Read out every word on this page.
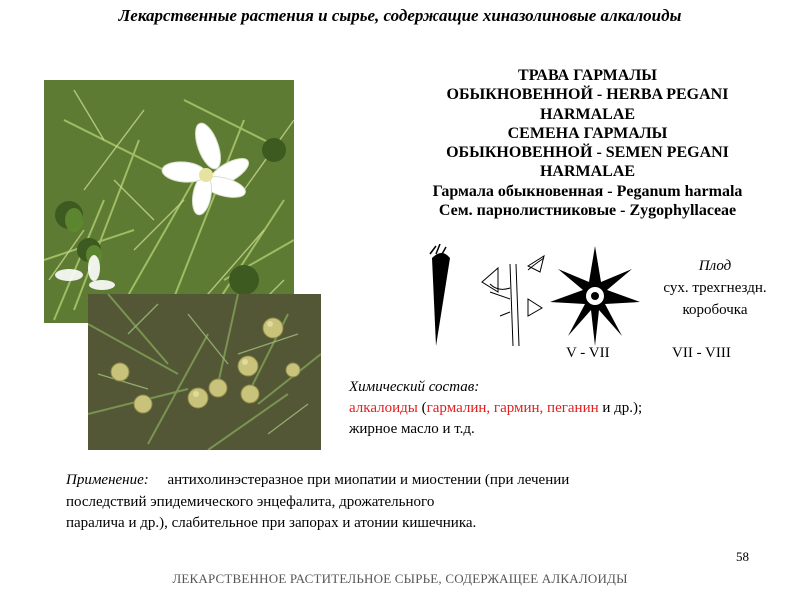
Лекарственные растения и сырье, содержащие хиназолиновые алкалоиды
ТРАВА ГАРМАЛЫ
ОБЫКНОВЕННОЙ - HERBA PEGANI
HARMALAE
СЕМЕНА ГАРМАЛЫ
ОБЫКНОВЕННОЙ - SEMEN PEGANI
HARMALAE
Гармала обыкновенная - Peganum harmala
Сем. парнолистниковые - Zygophyllaceae
Плод
сух. трехгнездн.
коробочка
V - VII	VII - VIII
Химический состав:
алкалоиды (гармалин, гармин, пеганин и др.);
жирное масло и т.д.
Применение: антихолинэстеразное при миопатии и миостении (при лечении
последствий эпидемического энцефалита, дрожательного
паралича и др.), слабительное при запорах и атонии кишечника.
58
ЛЕКАРСТВЕННОЕ РАСТИТЕЛЬНОЕ СЫРЬЕ, СОДЕРЖАЩЕЕ АЛКАЛОИДЫ
